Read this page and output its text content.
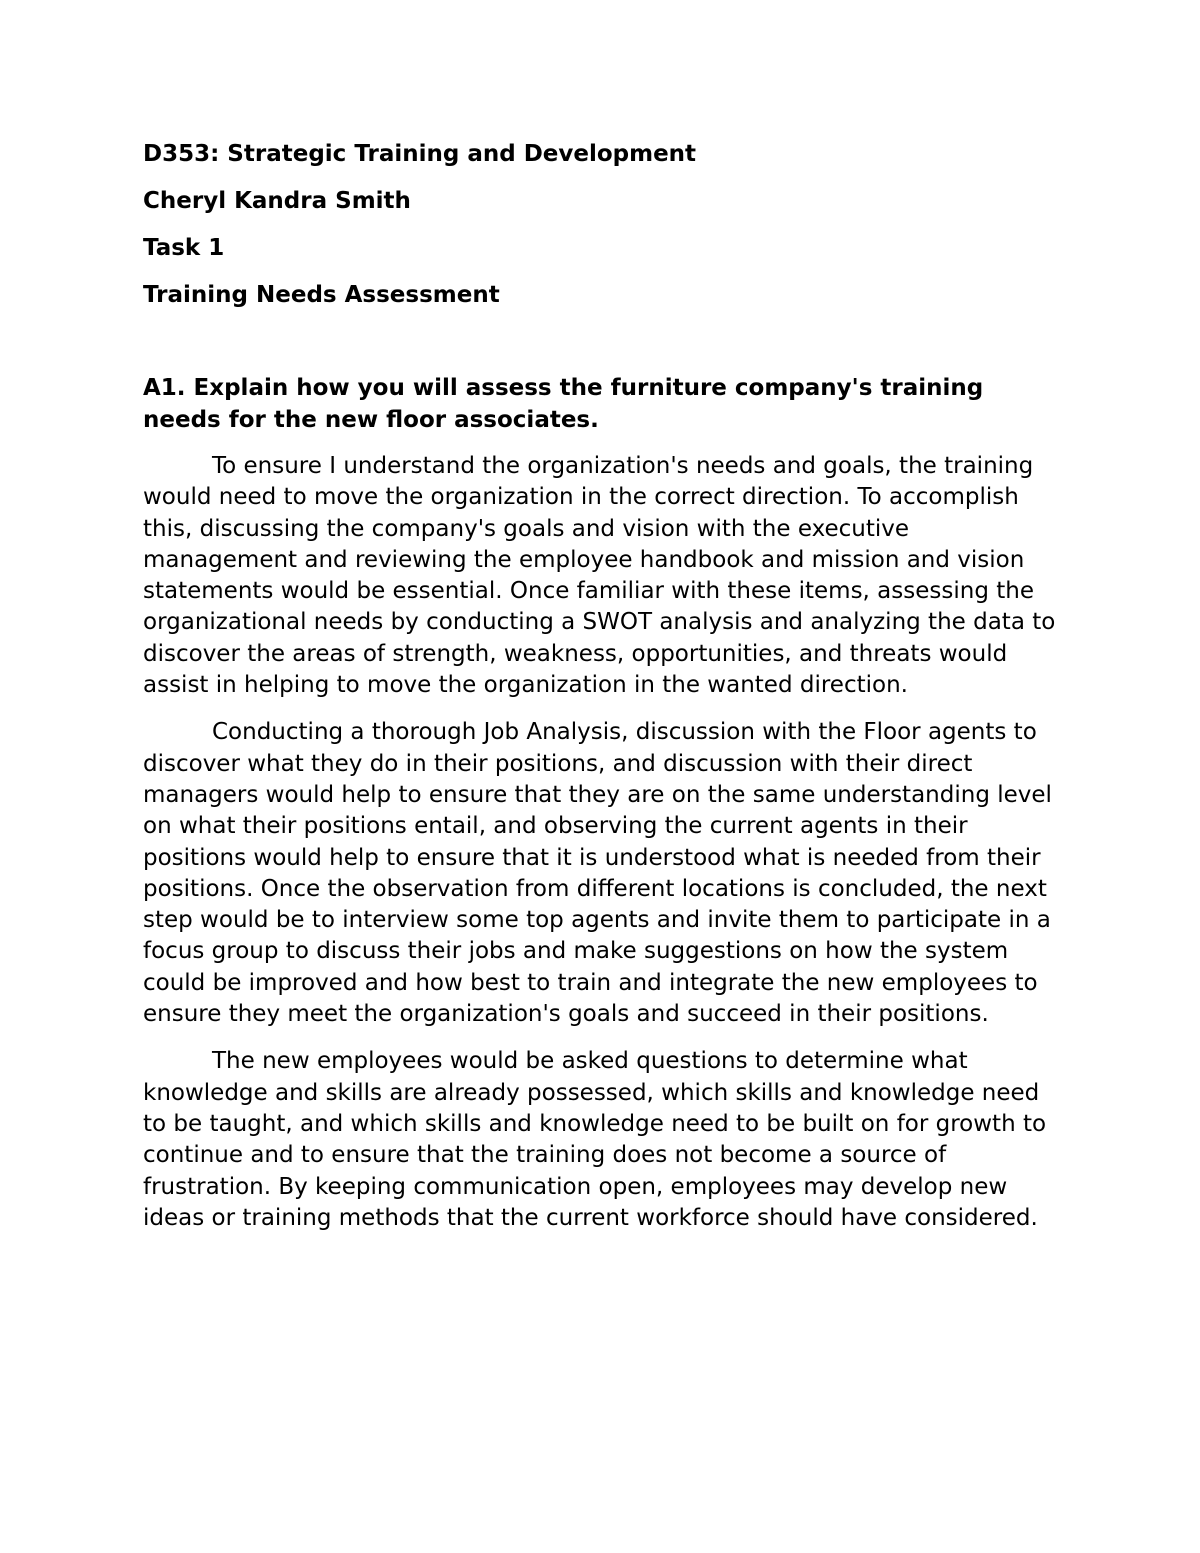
D353: Strategic Training and Development
Cheryl Kandra Smith
Task 1
Training Needs Assessment
A1. Explain how you will assess the furniture company's training needs for the new floor associates.

To ensure I understand the organization's needs and goals, the training would need to move the organization in the correct direction. To accomplish this, discussing the company's goals and vision with the executive management and reviewing the employee handbook and mission and vision statements would be essential. Once familiar with these items, assessing the organizational needs by conducting a SWOT analysis and analyzing the data to discover the areas of strength, weakness, opportunities, and threats would assist in helping to move the organization in the wanted direction.

Conducting a thorough Job Analysis, discussion with the Floor agents to discover what they do in their positions, and discussion with their direct managers would help to ensure that they are on the same understanding level on what their positions entail, and observing the current agents in their positions would help to ensure that it is understood what is needed from their positions. Once the observation from different locations is concluded, the next step would be to interview some top agents and invite them to participate in a focus group to discuss their jobs and make suggestions on how the system could be improved and how best to train and integrate the new employees to ensure they meet the organization's goals and succeed in their positions.

The new employees would be asked questions to determine what knowledge and skills are already possessed, which skills and knowledge need to be taught, and which skills and knowledge need to be built on for growth to continue and to ensure that the training does not become a source of frustration. By keeping communication open, employees may develop new ideas or training methods that the current workforce should have considered.
